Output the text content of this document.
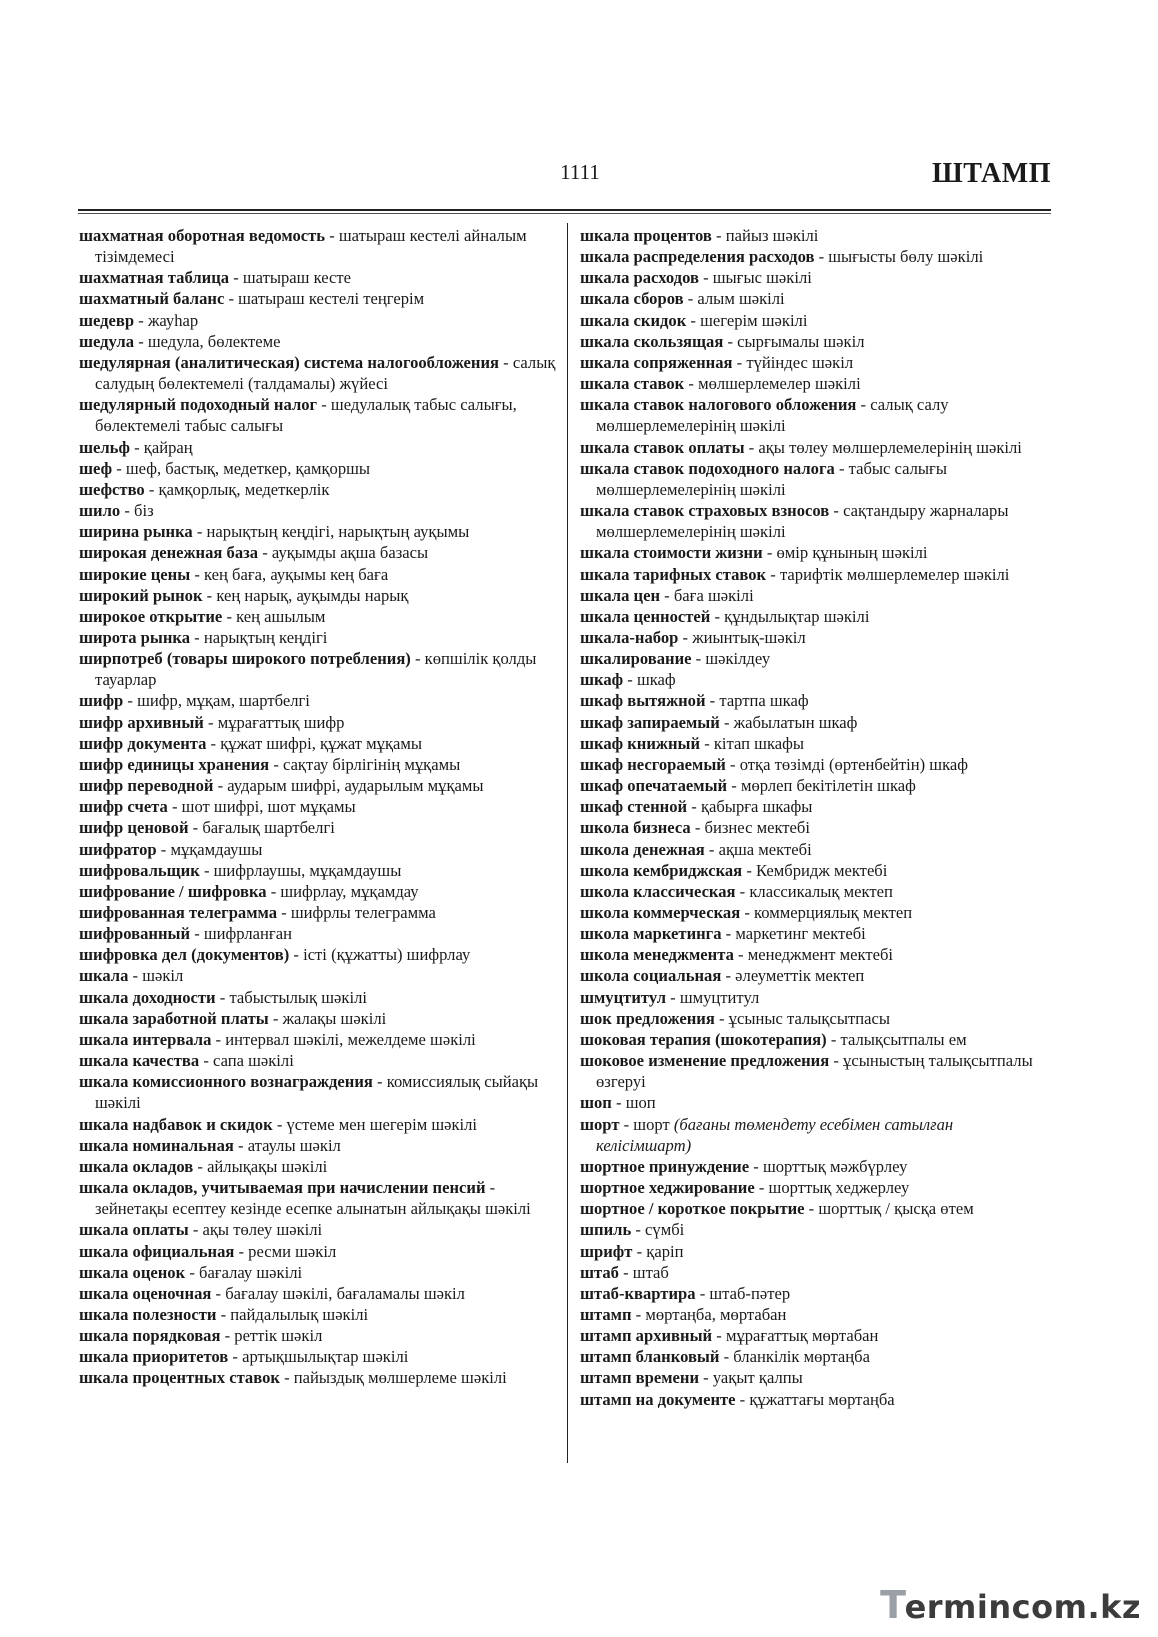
1111	ШТАМП

шахматная оборотная ведомость - шатыраш кестелі айналым тізімдемесі

шахматная таблица - шатыраш кесте

шахматный баланс - шатыраш кестелі теңгерім

шедевр - жауһар

шедула - шедула, бөлектеме

шедулярная (аналитическая) система налогообложения - салық салудың бөлектемелі (талдамалы) жүйесі

шедулярный подоходный налог - шедулалық табыс салығы, бөлектемелі табыс салығы

шельф - қайраң

шеф - шеф, бастық, медеткер, қамқоршы

шефство - қамқорлық, медеткерлік

шило - біз

ширина рынка - нарықтың кеңдігі, нарықтың ауқымы

широкая денежная база - ауқымды ақша базасы

широкие цены - кең баға, ауқымы кең баға

широкий рынок - кең нарық, ауқымды нарық

широкое открытие - кең ашылым

широта рынка - нарықтың кеңдігі

ширпотреб (товары широкого потребления) - көпшілік қолды тауарлар

шифр - шифр, мұқам, шартбелгі

шифр архивный - мұрағаттық шифр

шифр документа - құжат шифрі, құжат мұқамы

шифр единицы хранения - сақтау бірлігінің мұқамы

шифр переводной - аударым шифрі, аударылым мұқамы

шифр счета - шот шифрі, шот мұқамы

шифр ценовой - бағалық шартбелгі

шифратор - мұқамдаушы

шифровальщик - шифрлаушы, мұқамдаушы

шифрование / шифровка - шифрлау, мұқамдау

шифрованная телеграмма - шифрлы телеграмма

шифрованный - шифрланған

шифровка дел (документов) - істі (құжатты) шифрлау

шкала - шәкіл

шкала доходности - табыстылық шәкілі

шкала заработной платы - жалақы шәкілі

шкала интервала - интервал шәкілі, межелдеме шәкілі

шкала качества - сапа шәкілі

шкала комиссионного вознаграждения - комиссиялық сыйақы шәкілі

шкала надбавок и скидок - үстеме мен шегерім шәкілі

шкала номинальная - атаулы шәкіл

шкала окладов - айлықақы шәкілі

шкала окладов, учитываемая при начислении пенсий - зейнетақы есептеу кезінде есепке алынатын айлықақы шәкілі

шкала оплаты - ақы төлеу шәкілі

шкала официальная - ресми шәкіл

шкала оценок - бағалау шәкілі

шкала оценочная - бағалау шәкілі, бағаламалы шәкіл

шкала полезности - пайдалылық шәкілі

шкала порядковая - реттік шәкіл

шкала приоритетов - артықшылықтар шәкілі

шкала процентных ставок - пайыздық мөлшерлеме шәкілі

шкала процентов - пайыз шәкілі

шкала распределения расходов - шығысты бөлу шәкілі

шкала расходов - шығыс шәкілі

шкала сборов - алым шәкілі

шкала скидок - шегерім шәкілі

шкала скользящая - сырғымалы шәкіл

шкала сопряженная - түйіндес шәкіл

шкала ставок - мөлшерлемелер шәкілі

шкала ставок налогового обложения - салық салу мөлшерлемелерінің шәкілі

шкала ставок оплаты - ақы төлеу мөлшерлемелерінің шәкілі

шкала ставок подоходного налога - табыс салығы мөлшерлемелерінің шәкілі

шкала ставок страховых взносов - сақтандыру жарналары мөлшерлемелерінің шәкілі

шкала стоимости жизни - өмір құнының шәкілі

шкала тарифных ставок - тарифтік мөлшерлемелер шәкілі

шкала цен - баға шәкілі

шкала ценностей - құндылықтар шәкілі

шкала-набор - жиынтық-шәкіл

шкалирование - шәкілдеу

шкаф - шкаф

шкаф вытяжной - тартпа шкаф

шкаф запираемый - жабылатын шкаф

шкаф книжный - кітап шкафы

шкаф несгораемый - отқа төзімді (өртенбейтін) шкаф

шкаф опечатаемый - мөрлеп бекітілетін шкаф

шкаф стенной - қабырға шкафы

школа бизнеса - бизнес мектебі

школа денежная - ақша мектебі

школа кембриджская - Кембридж мектебі

школа классическая - классикалық мектеп

школа коммерческая - коммерциялық мектеп

школа маркетинга - маркетинг мектебі

школа менеджмента - менеджмент мектебі

школа социальная - әлеуметтік мектеп

шмуцтитул - шмуцтитул

шок предложения - ұсыныс талықсытпасы

шоковая терапия (шокотерапия) - талықсытпалы ем

шоковое изменение предложения - ұсыныстың талықсытпалы өзгеруі

шоп - шоп

шорт - шорт (бағаны төмендету есебімен сатылған келісімшарт)

шортное принуждение - шорттық мәжбүрлеу

шортное хеджирование - шорттық хеджерлеу

шортное / короткое покрытие - шорттық / қысқа өтем

шпиль - сүмбі

шрифт - қаріп

штаб - штаб

штаб-квартира - штаб-пәтер

штамп - мөртаңба, мөртабан

штамп архивный - мұрағаттық мөртабан

штамп бланковый - бланкілік мөртаңба

штамп времени - уақыт қалпы

штамп на документе - құжаттағы мөртаңба

Termincom.kz
